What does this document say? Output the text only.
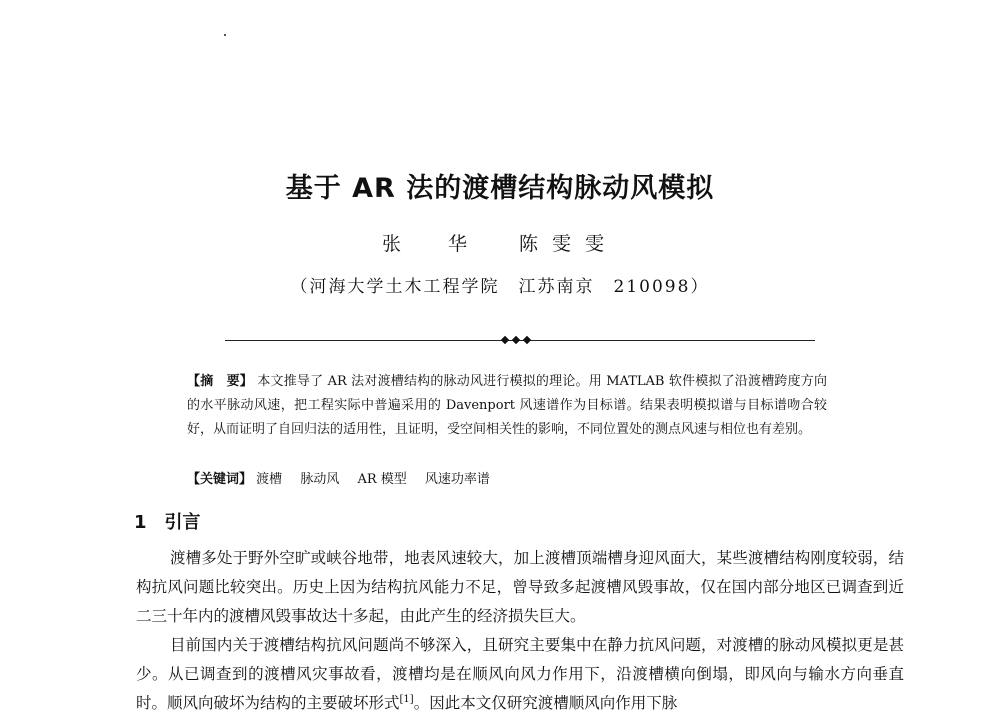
基于 AR 法的渡槽结构脉动风模拟
张　华 陈雯雯
（河海大学土木工程学院　江苏南京　210098）
【摘　要】 本文推导了 AR 法对渡槽结构的脉动风进行模拟的理论。用 MATLAB 软件模拟了沿渡槽跨度方向的水平脉动风速，把工程实际中普遍采用的 Davenport 风速谱作为目标谱。结果表明模拟谱与目标谱吻合较好，从而证明了自回归法的适用性，且证明，受空间相关性的影响，不同位置处的测点风速与相位也有差别。
【关键词】 渡槽 脉动风 AR 模型 风速功率谱
1 引言

渡槽多处于野外空旷或峡谷地带，地表风速较大，加上渡槽顶端槽身迎风面大，某些渡槽结构刚度较弱，结构抗风问题比较突出。历史上因为结构抗风能力不足，曾导致多起渡槽风毁事故，仅在国内部分地区已调查到近二三十年内的渡槽风毁事故达十多起，由此产生的经济损失巨大。

目前国内关于渡槽结构抗风问题尚不够深入，且研究主要集中在静力抗风问题，对渡槽的脉动风模拟更是甚少。从已调查到的渡槽风灾事故看，渡槽均是在顺风向风力作用下，沿渡槽横向倒塌，即风向与输水方向垂直时。顺风向破坏为结构的主要破坏形式[1]。因此本文仅研究渡槽顺风向作用下脉
